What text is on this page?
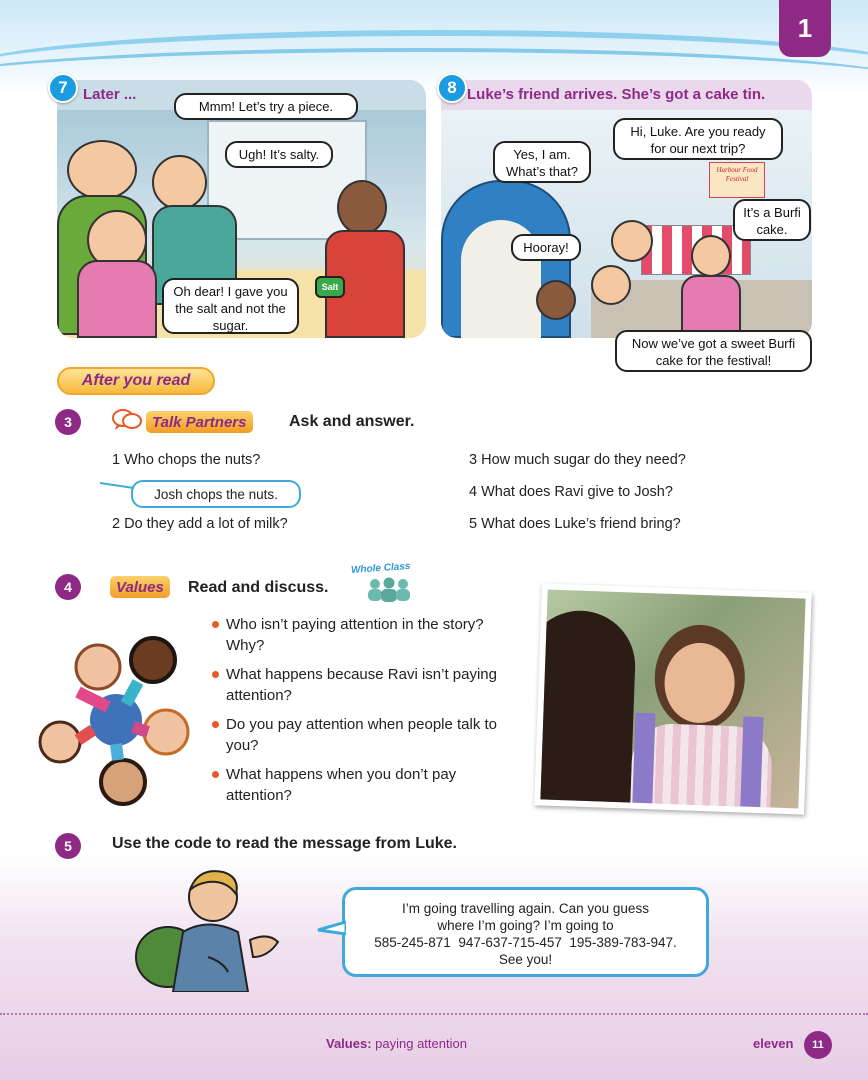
1
Salt
Later ...
Mmm! Let’s try a piece.
Ugh! It’s salty.
Oh dear! I gave you the salt and not the sugar.
7
Harbour Food Festival
Luke’s friend arrives. She’s got a cake tin.
Hi, Luke. Are you ready for our next trip?
Yes, I am. What’s that?
It’s a Burfi cake.
Hooray!
Now we’ve got a sweet Burfi cake for the festival!
8
After you read
3	Talk Partners	Ask and answer.
1 Who chops the nuts?
Josh chops the nuts.
2 Do they add a lot of milk?
3 How much sugar do they need?
4 What does Ravi give to Josh?
5 What does Luke’s friend bring?
4	Values	Read and discuss.
Whole Class
Who isn’t paying attention in the story? Why?
What happens because Ravi isn’t paying attention?
Do you pay attention when people talk to you?
What happens when you don’t pay attention?
5	Use the code to read the message from Luke.
I’m going travelling again. Can you guess
where I’m going? I’m going to
585-245-871  947-637-715-457  195-389-783-947.
See you!
Values: paying attention	eleven	11
